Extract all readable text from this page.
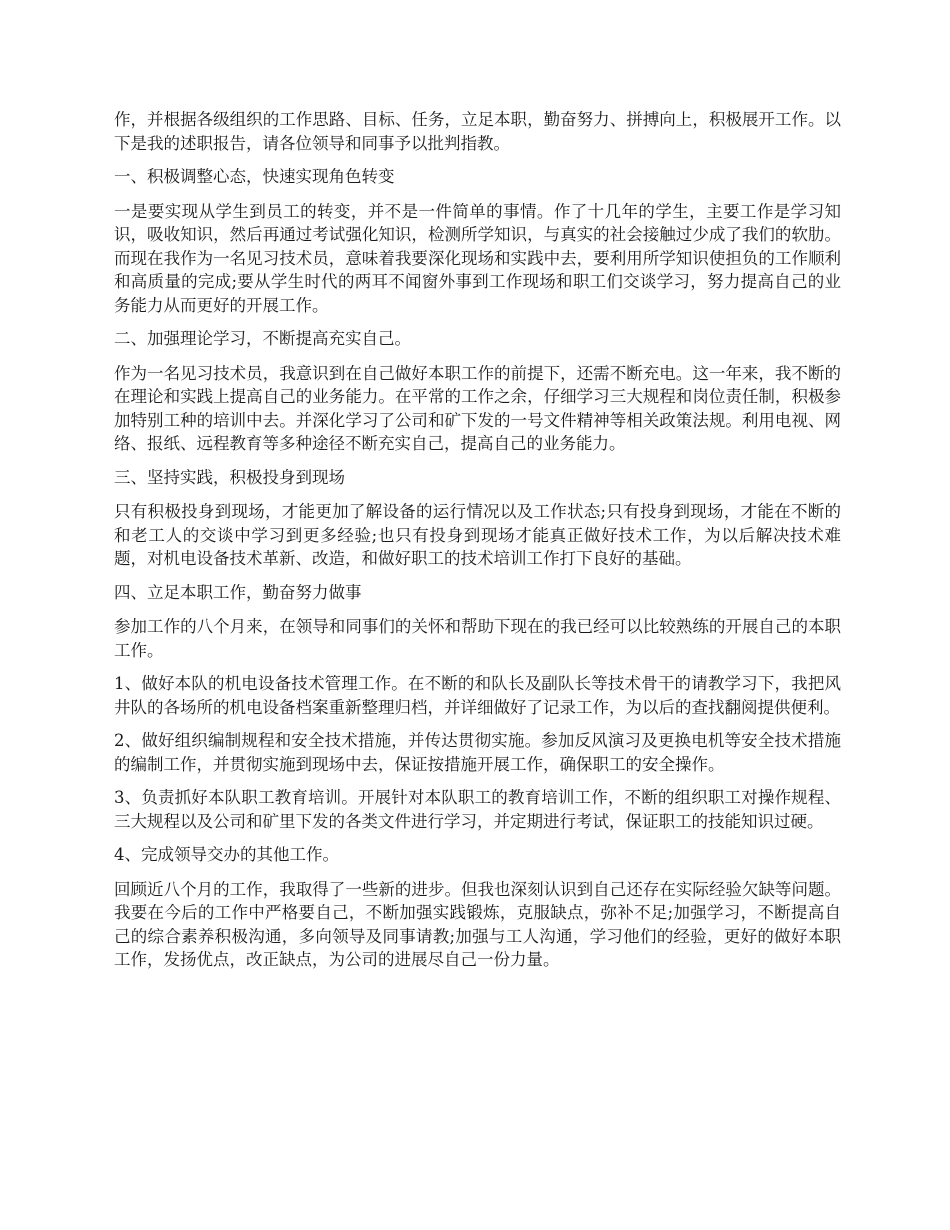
作，并根据各级组织的工作思路、目标、任务，立足本职，勤奋努力、拼搏向上，积极展开工作。以下是我的述职报告，请各位领导和同事予以批判指教。

一、积极调整心态，快速实现角色转变

一是要实现从学生到员工的转变，并不是一件简单的事情。作了十几年的学生，主要工作是学习知识，吸收知识，然后再通过考试强化知识，检测所学知识，与真实的社会接触过少成了我们的软肋。而现在我作为一名见习技术员，意味着我要深化现场和实践中去，要利用所学知识使担负的工作顺利和高质量的完成;要从学生时代的两耳不闻窗外事到工作现场和职工们交谈学习，努力提高自己的业务能力从而更好的开展工作。

二、加强理论学习，不断提高充实自己。

作为一名见习技术员，我意识到在自己做好本职工作的前提下，还需不断充电。这一年来，我不断的在理论和实践上提高自己的业务能力。在平常的工作之余，仔细学习三大规程和岗位责任制，积极参加特别工种的培训中去。并深化学习了公司和矿下发的一号文件精神等相关政策法规。利用电视、网络、报纸、远程教育等多种途径不断充实自己，提高自己的业务能力。

三、坚持实践，积极投身到现场

只有积极投身到现场，才能更加了解设备的运行情况以及工作状态;只有投身到现场，才能在不断的和老工人的交谈中学习到更多经验;也只有投身到现场才能真正做好技术工作，为以后解决技术难题，对机电设备技术革新、改造，和做好职工的技术培训工作打下良好的基础。

四、立足本职工作，勤奋努力做事

参加工作的八个月来，在领导和同事们的关怀和帮助下现在的我已经可以比较熟练的开展自己的本职工作。

1、做好本队的机电设备技术管理工作。在不断的和队长及副队长等技术骨干的请教学习下，我把风井队的各场所的机电设备档案重新整理归档，并详细做好了记录工作，为以后的查找翻阅提供便利。

2、做好组织编制规程和安全技术措施，并传达贯彻实施。参加反风演习及更换电机等安全技术措施的编制工作，并贯彻实施到现场中去，保证按措施开展工作，确保职工的安全操作。

3、负责抓好本队职工教育培训。开展针对本队职工的教育培训工作，不断的组织职工对操作规程、三大规程以及公司和矿里下发的各类文件进行学习，并定期进行考试，保证职工的技能知识过硬。

4、完成领导交办的其他工作。

回顾近八个月的工作，我取得了一些新的进步。但我也深刻认识到自己还存在实际经验欠缺等问题。我要在今后的工作中严格要自己，不断加强实践锻炼，克服缺点，弥补不足;加强学习，不断提高自己的综合素养积极沟通，多向领导及同事请教;加强与工人沟通，学习他们的经验，更好的做好本职工作，发扬优点，改正缺点，为公司的进展尽自己一份力量。
